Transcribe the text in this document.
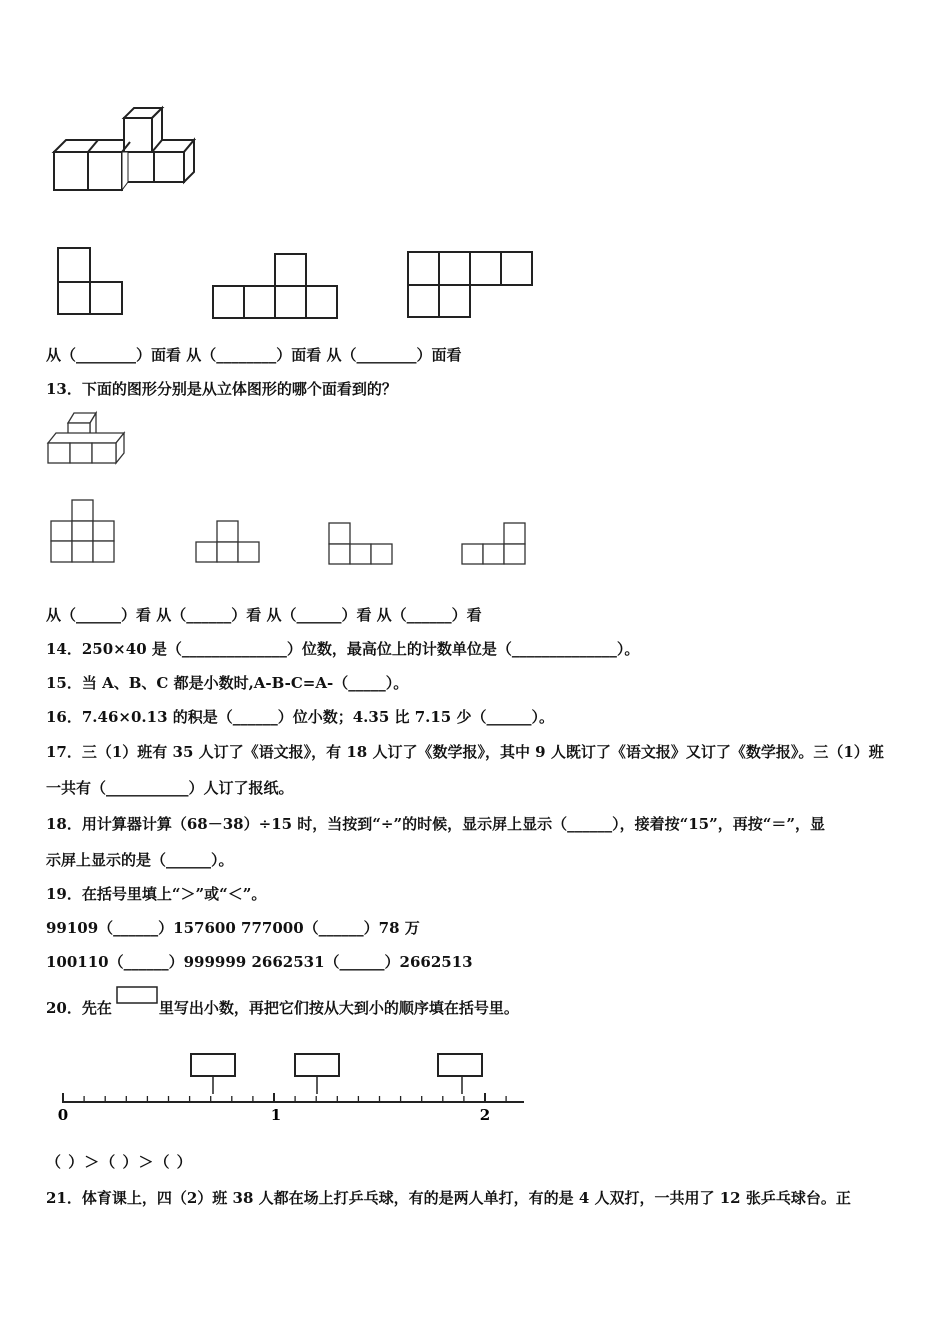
从（________）面看 从（________）面看 从（________）面看
13．下面的图形分别是从立体图形的哪个面看到的？
从（______）看 从（______）看 从（______）看 从（______）看
14．250×40 是（______________）位数，最高位上的计数单位是（______________）。
15．当 A、B、C 都是小数时,A-B-C=A-（_____）。
16．7.46×0.13 的积是（______）位小数；4.35 比 7.15 少（______）。
17．三（1）班有 35 人订了《语文报》，有 18 人订了《数学报》，其中 9 人既订了《语文报》又订了《数学报》。三（1）班
一共有（___________）人订了报纸。
18．用计算器计算（68－38）÷15 时，当按到“÷”的时候，显示屏上显示（______），接着按“15”，再按“＝”，显
示屏上显示的是（______）。
19．在括号里填上“＞”或“＜”。
99109（______）157600 777000（______）78 万
100110（______）999999 2662531（______）2662513
20．先在	里写出小数，再把它们按从大到小的顺序填在括号里。
0	1	2
（ ）＞（ ）＞（ ）
21．体育课上，四（2）班 38 人都在场上打乒乓球，有的是两人单打，有的是 4 人双打，一共用了 12 张乒乓球台。正
